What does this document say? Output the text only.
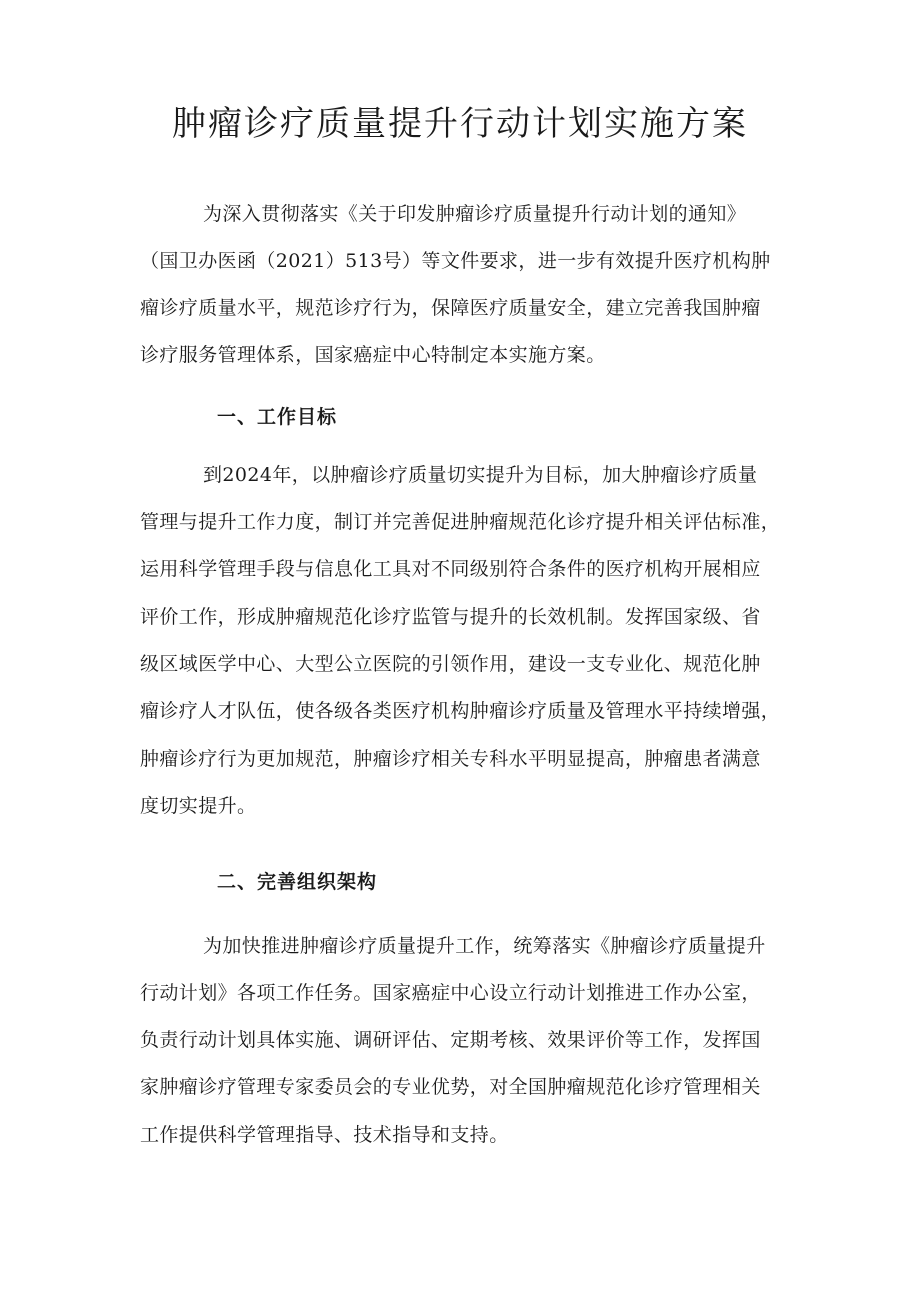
肿瘤诊疗质量提升行动计划实施方案
为深入贯彻落实《关于印发肿瘤诊疗质量提升行动计划的通知》
（国卫办医函（2021）513号）等文件要求，进一步有效提升医疗机构肿
瘤诊疗质量水平，规范诊疗行为，保障医疗质量安全，建立完善我国肿瘤
诊疗服务管理体系，国家癌症中心特制定本实施方案。
一、工作目标
到2024年，以肿瘤诊疗质量切实提升为目标，加大肿瘤诊疗质量
管理与提升工作力度，制订并完善促进肿瘤规范化诊疗提升相关评估标准，
运用科学管理手段与信息化工具对不同级别符合条件的医疗机构开展相应
评价工作，形成肿瘤规范化诊疗监管与提升的长效机制。发挥国家级、省
级区域医学中心、大型公立医院的引领作用，建设一支专业化、规范化肿
瘤诊疗人才队伍，使各级各类医疗机构肿瘤诊疗质量及管理水平持续增强，
肿瘤诊疗行为更加规范，肿瘤诊疗相关专科水平明显提高，肿瘤患者满意
度切实提升。
二、完善组织架构
为加快推进肿瘤诊疗质量提升工作，统筹落实《肿瘤诊疗质量提升
行动计划》各项工作任务。国家癌症中心设立行动计划推进工作办公室，
负责行动计划具体实施、调研评估、定期考核、效果评价等工作，发挥国
家肿瘤诊疗管理专家委员会的专业优势，对全国肿瘤规范化诊疗管理相关
工作提供科学管理指导、技术指导和支持。
